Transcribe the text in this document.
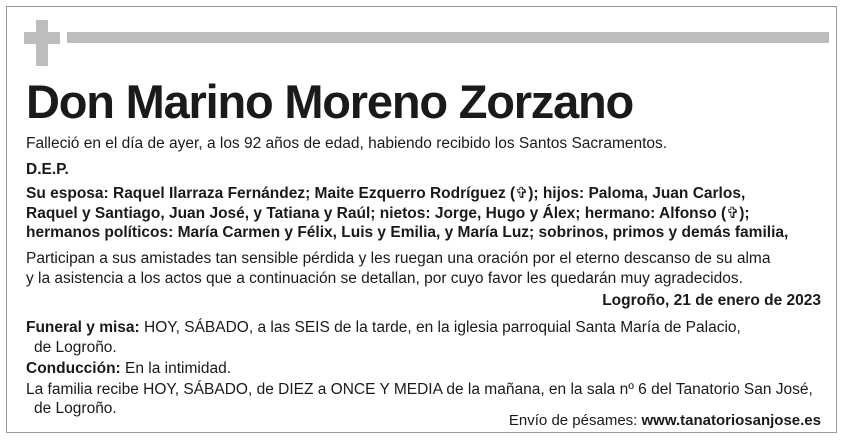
Don Marino Moreno Zorzano
Falleció en el día de ayer, a los 92 años de edad, habiendo recibido los Santos Sacramentos.
D.E.P.
Su esposa: Raquel Ilarraza Fernández; Maite Ezquerro Rodríguez (✞); hijos: Paloma, Juan Carlos,
Raquel y Santiago, Juan José, y Tatiana y Raúl; nietos: Jorge, Hugo y Álex; hermano: Alfonso (✞);
hermanos políticos: María Carmen y Félix, Luis y Emilia, y María Luz; sobrinos, primos y demás familia,
Participan a sus amistades tan sensible pérdida y les ruegan una oración por el eterno descanso de su alma
y la asistencia a los actos que a continuación se detallan, por cuyo favor les quedarán muy agradecidos.
Logroño, 21 de enero de 2023
Funeral y misa: HOY, SÁBADO, a las SEIS de la tarde, en la iglesia parroquial Santa María de Palacio,
de Logroño.
Conducción: En la intimidad.
La familia recibe HOY, SÁBADO, de DIEZ a ONCE Y MEDIA de la mañana, en la sala nº 6 del Tanatorio San José,
de Logroño.
Envío de pésames: www.tanatoriosanjose.es
